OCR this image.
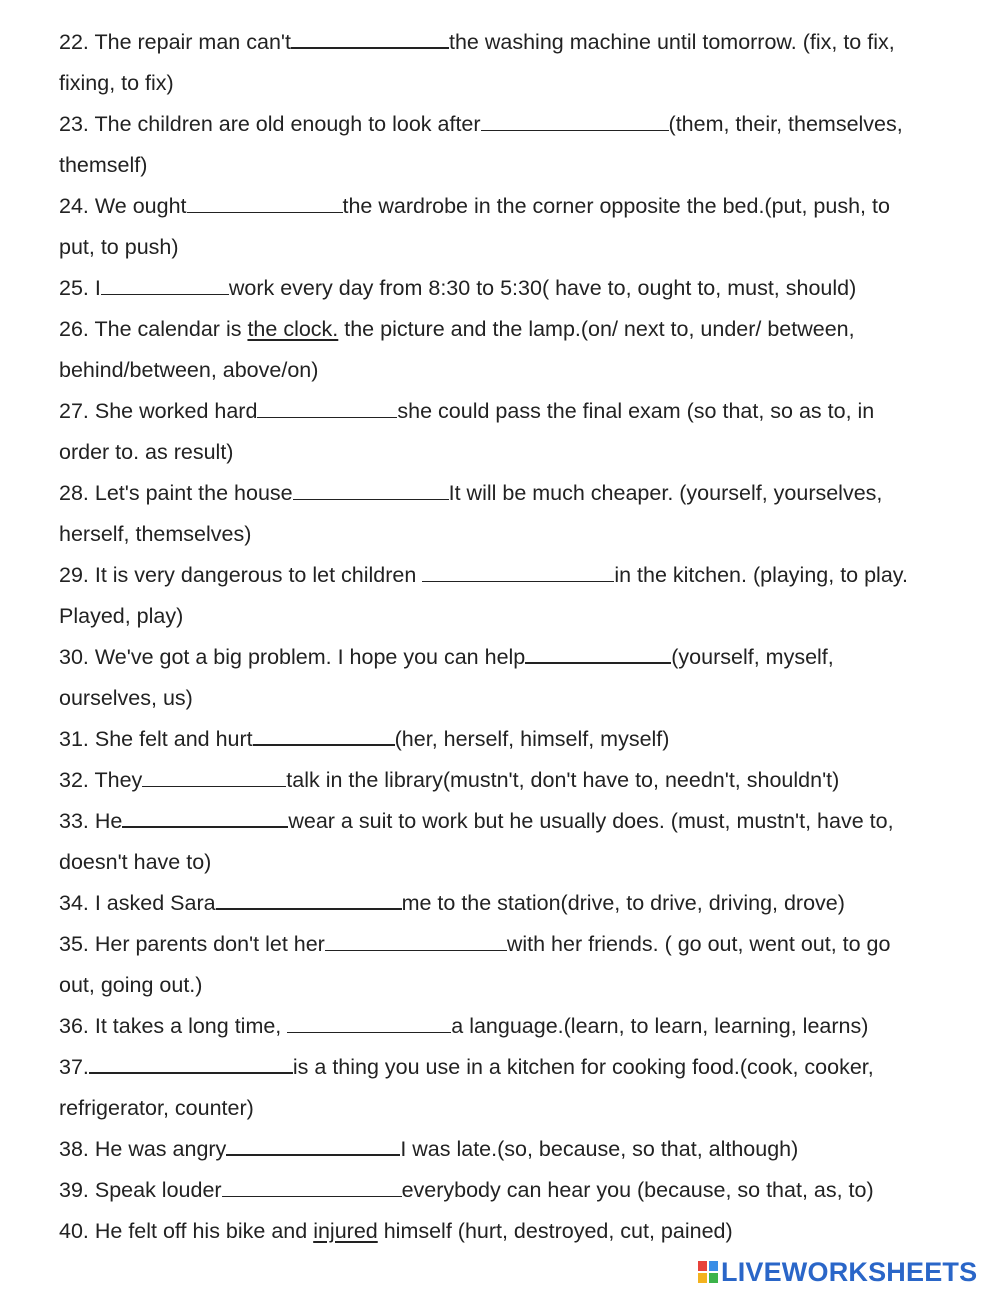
22. The repair man can't	the washing machine until tomorrow. (fix, to fix,
fixing, to fix)
23. The children are old enough to look after	(them, their, themselves,
themself)
24. We ought	the wardrobe in the corner opposite the bed.(put, push, to
put, to push)
25. I	work every day from 8:30 to 5:30( have to, ought to, must, should)
26. The calendar is the clock. the picture and the lamp.(on/ next to, under/ between,
behind/between, above/on)
27. She worked hard	she could pass the final exam (so that, so as to, in
order to. as result)
28. Let's paint the house	It will be much cheaper. (yourself, yourselves,
herself, themselves)
29. It is very dangerous to let children	in the kitchen. (playing, to play.
Played, play)
30. We've got a big problem. I hope you can help	(yourself, myself,
ourselves, us)
31. She felt and hurt	(her, herself, himself, myself)
32. They	talk in the library(mustn't, don't have to, needn't, shouldn't)
33. He	wear a suit to work but he usually does. (must, mustn't, have to,
doesn't have to)
34. I asked Sara	me to the station(drive, to drive, driving, drove)
35. Her parents don't let her	with her friends. ( go out, went out, to go
out, going out.)
36. It takes a long time,	a language.(learn, to learn, learning, learns)
37.	is a thing you use in a kitchen for cooking food.(cook, cooker,
refrigerator, counter)
38. He was angry	I was late.(so, because, so that, although)
39. Speak louder	everybody can hear you (because, so that, as, to)
40. He felt off his bike and injured himself (hurt, destroyed, cut, pained)
LIVEWORKSHEETS
